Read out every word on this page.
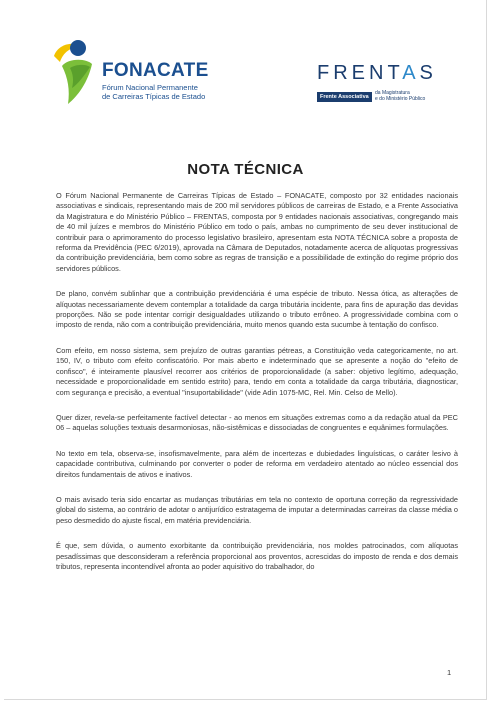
FONACATE
Fórum Nacional Permanente
de Carreiras Típicas de Estado
FRENTAS
Frente Associativa
da Magistratura
e do Ministério Público
NOTA TÉCNICA

O Fórum Nacional Permanente de Carreiras Típicas de Estado – FONACATE, composto por 32 entidades nacionais associativas e sindicais, representando mais de 200 mil servidores públicos de carreiras de Estado, e a Frente Associativa da Magistratura e do Ministério Público – FRENTAS, composta por 9 entidades nacionais associativas, congregando mais de 40 mil juízes e membros do Ministério Público em todo o país, ambas no cumprimento de seu dever institucional de contribuir para o aprimoramento do processo legislativo brasileiro, apresentam esta NOTA TÉCNICA sobre a proposta de reforma da Previdência (PEC 6/2019), aprovada na Câmara de Deputados, notadamente acerca de alíquotas progressivas da contribuição previdenciária, bem como sobre as regras de transição e a possibilidade de extinção do regime próprio dos servidores públicos.

De plano, convém sublinhar que a contribuição previdenciária é uma espécie de tributo. Nessa ótica, as alterações de alíquotas necessariamente devem contemplar a totalidade da carga tributária incidente, para fins de apuração das devidas proporções. Não se pode intentar corrigir desigualdades utilizando o tributo errôneo. A progressividade combina com o imposto de renda, não com a contribuição previdenciária, muito menos quando esta sucumbe à tentação do confisco.

Com efeito, em nosso sistema, sem prejuízo de outras garantias pétreas, a Constituição veda categoricamente, no art. 150, IV, o tributo com efeito confiscatório. Por mais aberto e indeterminado que se apresente a noção do "efeito de confisco", é inteiramente plausível recorrer aos critérios de proporcionalidade (a saber: objetivo legítimo, adequação, necessidade e proporcionalidade em sentido estrito) para, tendo em conta a totalidade da carga tributária, diagnosticar, com segurança e precisão, a eventual "insuportabilidade" (vide Adin 1075-MC, Rel. Min. Celso de Mello).

Quer dizer, revela-se perfeitamente factível detectar - ao menos em situações extremas como a da redação atual da PEC 06 – aquelas soluções textuais desarmoniosas, não-sistêmicas e dissociadas de congruentes e equânimes formulações.

No texto em tela, observa-se, insofismavelmente, para além de incertezas e dubiedades linguísticas, o caráter lesivo à capacidade contributiva, culminando por converter o poder de reforma em verdadeiro atentado ao núcleo essencial dos direitos fundamentais de ativos e inativos.

O mais avisado teria sido encartar as mudanças tributárias em tela no contexto de oportuna correção da regressividade global do sistema, ao contrário de adotar o antijurídico estratagema de imputar a determinadas carreiras da classe média o peso desmedido do ajuste fiscal, em matéria previdenciária.

É que, sem dúvida, o aumento exorbitante da contribuição previdenciária, nos moldes patrocinados, com alíquotas pesadíssimas que desconsideram a referência proporcional aos proventos, acrescidas do imposto de renda e dos demais tributos, representa incontendível afronta ao poder aquisitivo do trabalhador, do

1
